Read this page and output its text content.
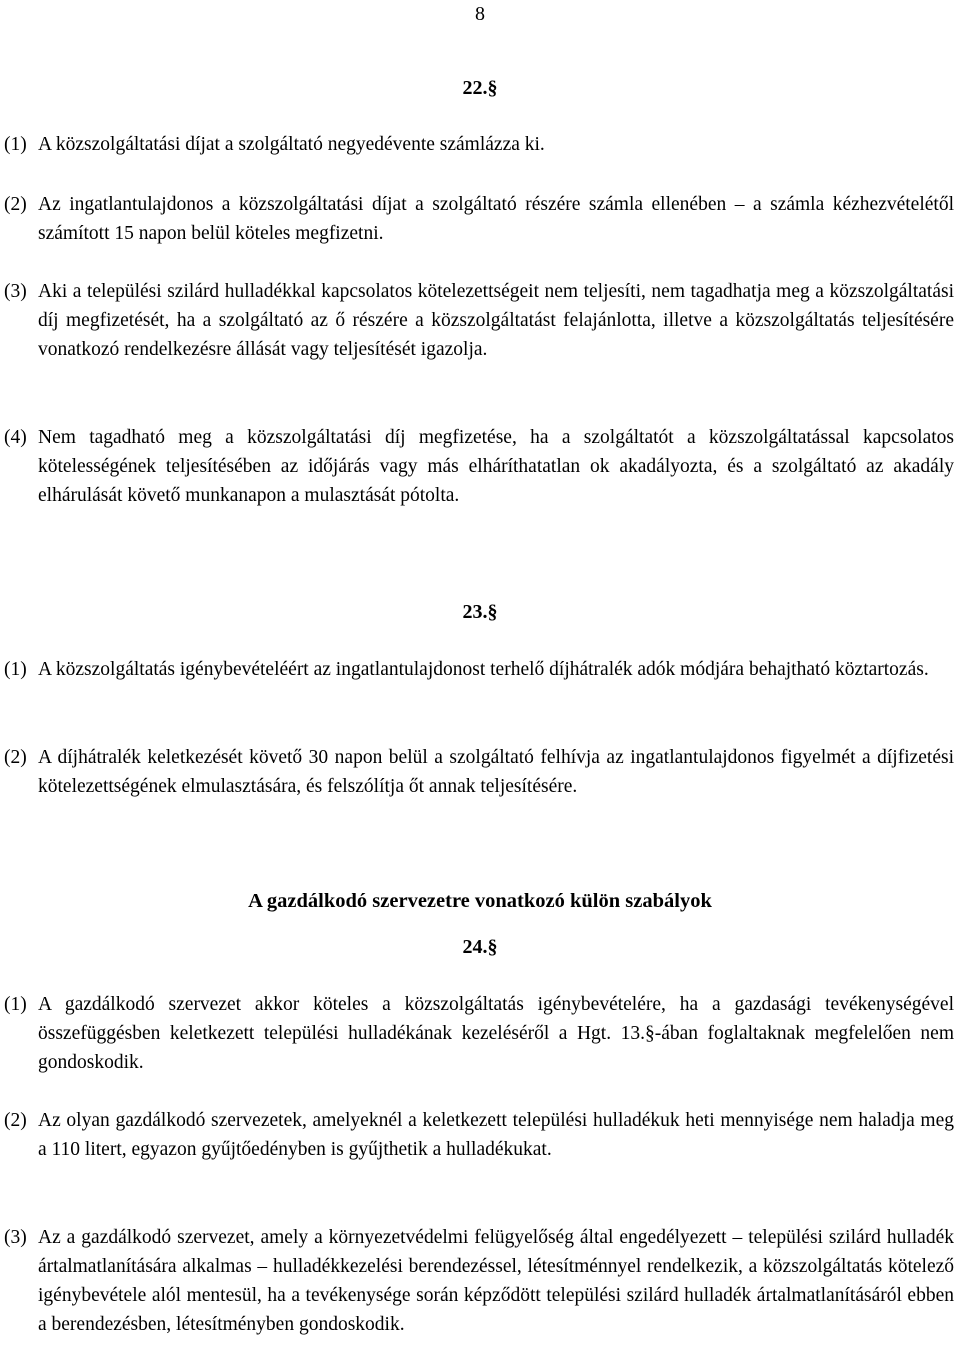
8
22.§
(1) A közszolgáltatási díjat a szolgáltató negyedévente számlázza ki.
(2) Az ingatlantulajdonos a közszolgáltatási díjat a szolgáltató részére számla ellenében – a számla kézhezvételétől számított 15 napon belül köteles megfizetni.
(3) Aki a települési szilárd hulladékkal kapcsolatos kötelezettségeit nem teljesíti, nem tagadhatja meg a közszolgáltatási díj megfizetését, ha a szolgáltató az ő részére a közszolgáltatást felajánlotta, illetve a közszolgáltatás teljesítésére vonatkozó rendelkezésre állását vagy teljesítését igazolja.
(4) Nem tagadható meg a közszolgáltatási díj megfizetése, ha a szolgáltatót a közszolgáltatással kapcsolatos kötelességének teljesítésében az időjárás vagy más elháríthatatlan ok akadályozta, és a szolgáltató az akadály elhárulását követő munkanapon a mulasztását pótolta.
23.§
(1) A közszolgáltatás igénybevételéért az ingatlantulajdonost terhelő díjhátralék adók módjára behajtható köztartozás.
(2) A díjhátralék keletkezését követő 30 napon belül a szolgáltató felhívja az ingatlantulajdonos figyelmét a díjfizetési kötelezettségének elmulasztására, és felszólítja őt annak teljesítésére.
A gazdálkodó szervezetre vonatkozó külön szabályok
24.§
(1) A gazdálkodó szervezet akkor köteles a közszolgáltatás igénybevételére, ha a gazdasági tevékenységével összefüggésben keletkezett települési hulladékának kezeléséről a Hgt. 13.§-ában foglaltaknak megfelelően nem gondoskodik.
(2) Az olyan gazdálkodó szervezetek, amelyeknél a keletkezett települési hulladékuk heti mennyisége nem haladja meg a 110 litert, egyazon gyűjtőedényben is gyűjthetik a hulladékukat.
(3) Az a gazdálkodó szervezet, amely a környezetvédelmi felügyelőség által engedélyezett – települési szilárd hulladék ártalmatlanítására alkalmas – hulladékkezelési berendezéssel, létesítménnyel rendelkezik, a közszolgáltatás kötelező igénybevétele alól mentesül, ha a tevékenysége során képződött települési szilárd hulladék ártalmatlanításáról ebben a berendezésben, létesítményben gondoskodik.
